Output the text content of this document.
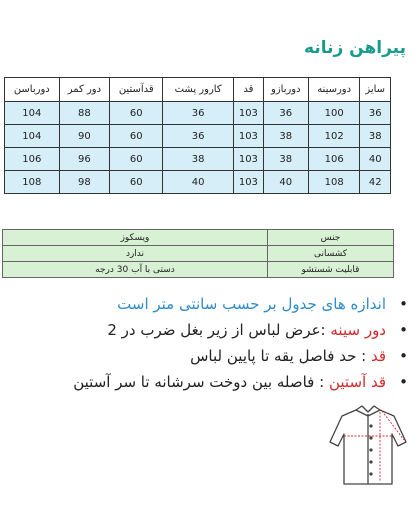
پیراهن زنانه
سایز	دورسینه	دوربازو	قد	کارور پشت	قدآستین	دور کمر	دورباسن
36	100	36	103	36	60	88	104
38	102	38	103	36	60	90	104
40	106	38	103	38	60	96	106
42	108	40	103	40	60	98	108
جنس	ویسکوز
کشسانی	ندارد
قابلیت شستشو	دستی با آب 30 درجه
•
اندازه های جدول بر حسب سانتی متر است
•
دور سینه :عرض لباس از زیر بغل ضرب در 2
•
قد : حد فاصل یقه تا پایین لباس
•
قد آستین : فاصله بین دوخت سرشانه تا سر آستین
